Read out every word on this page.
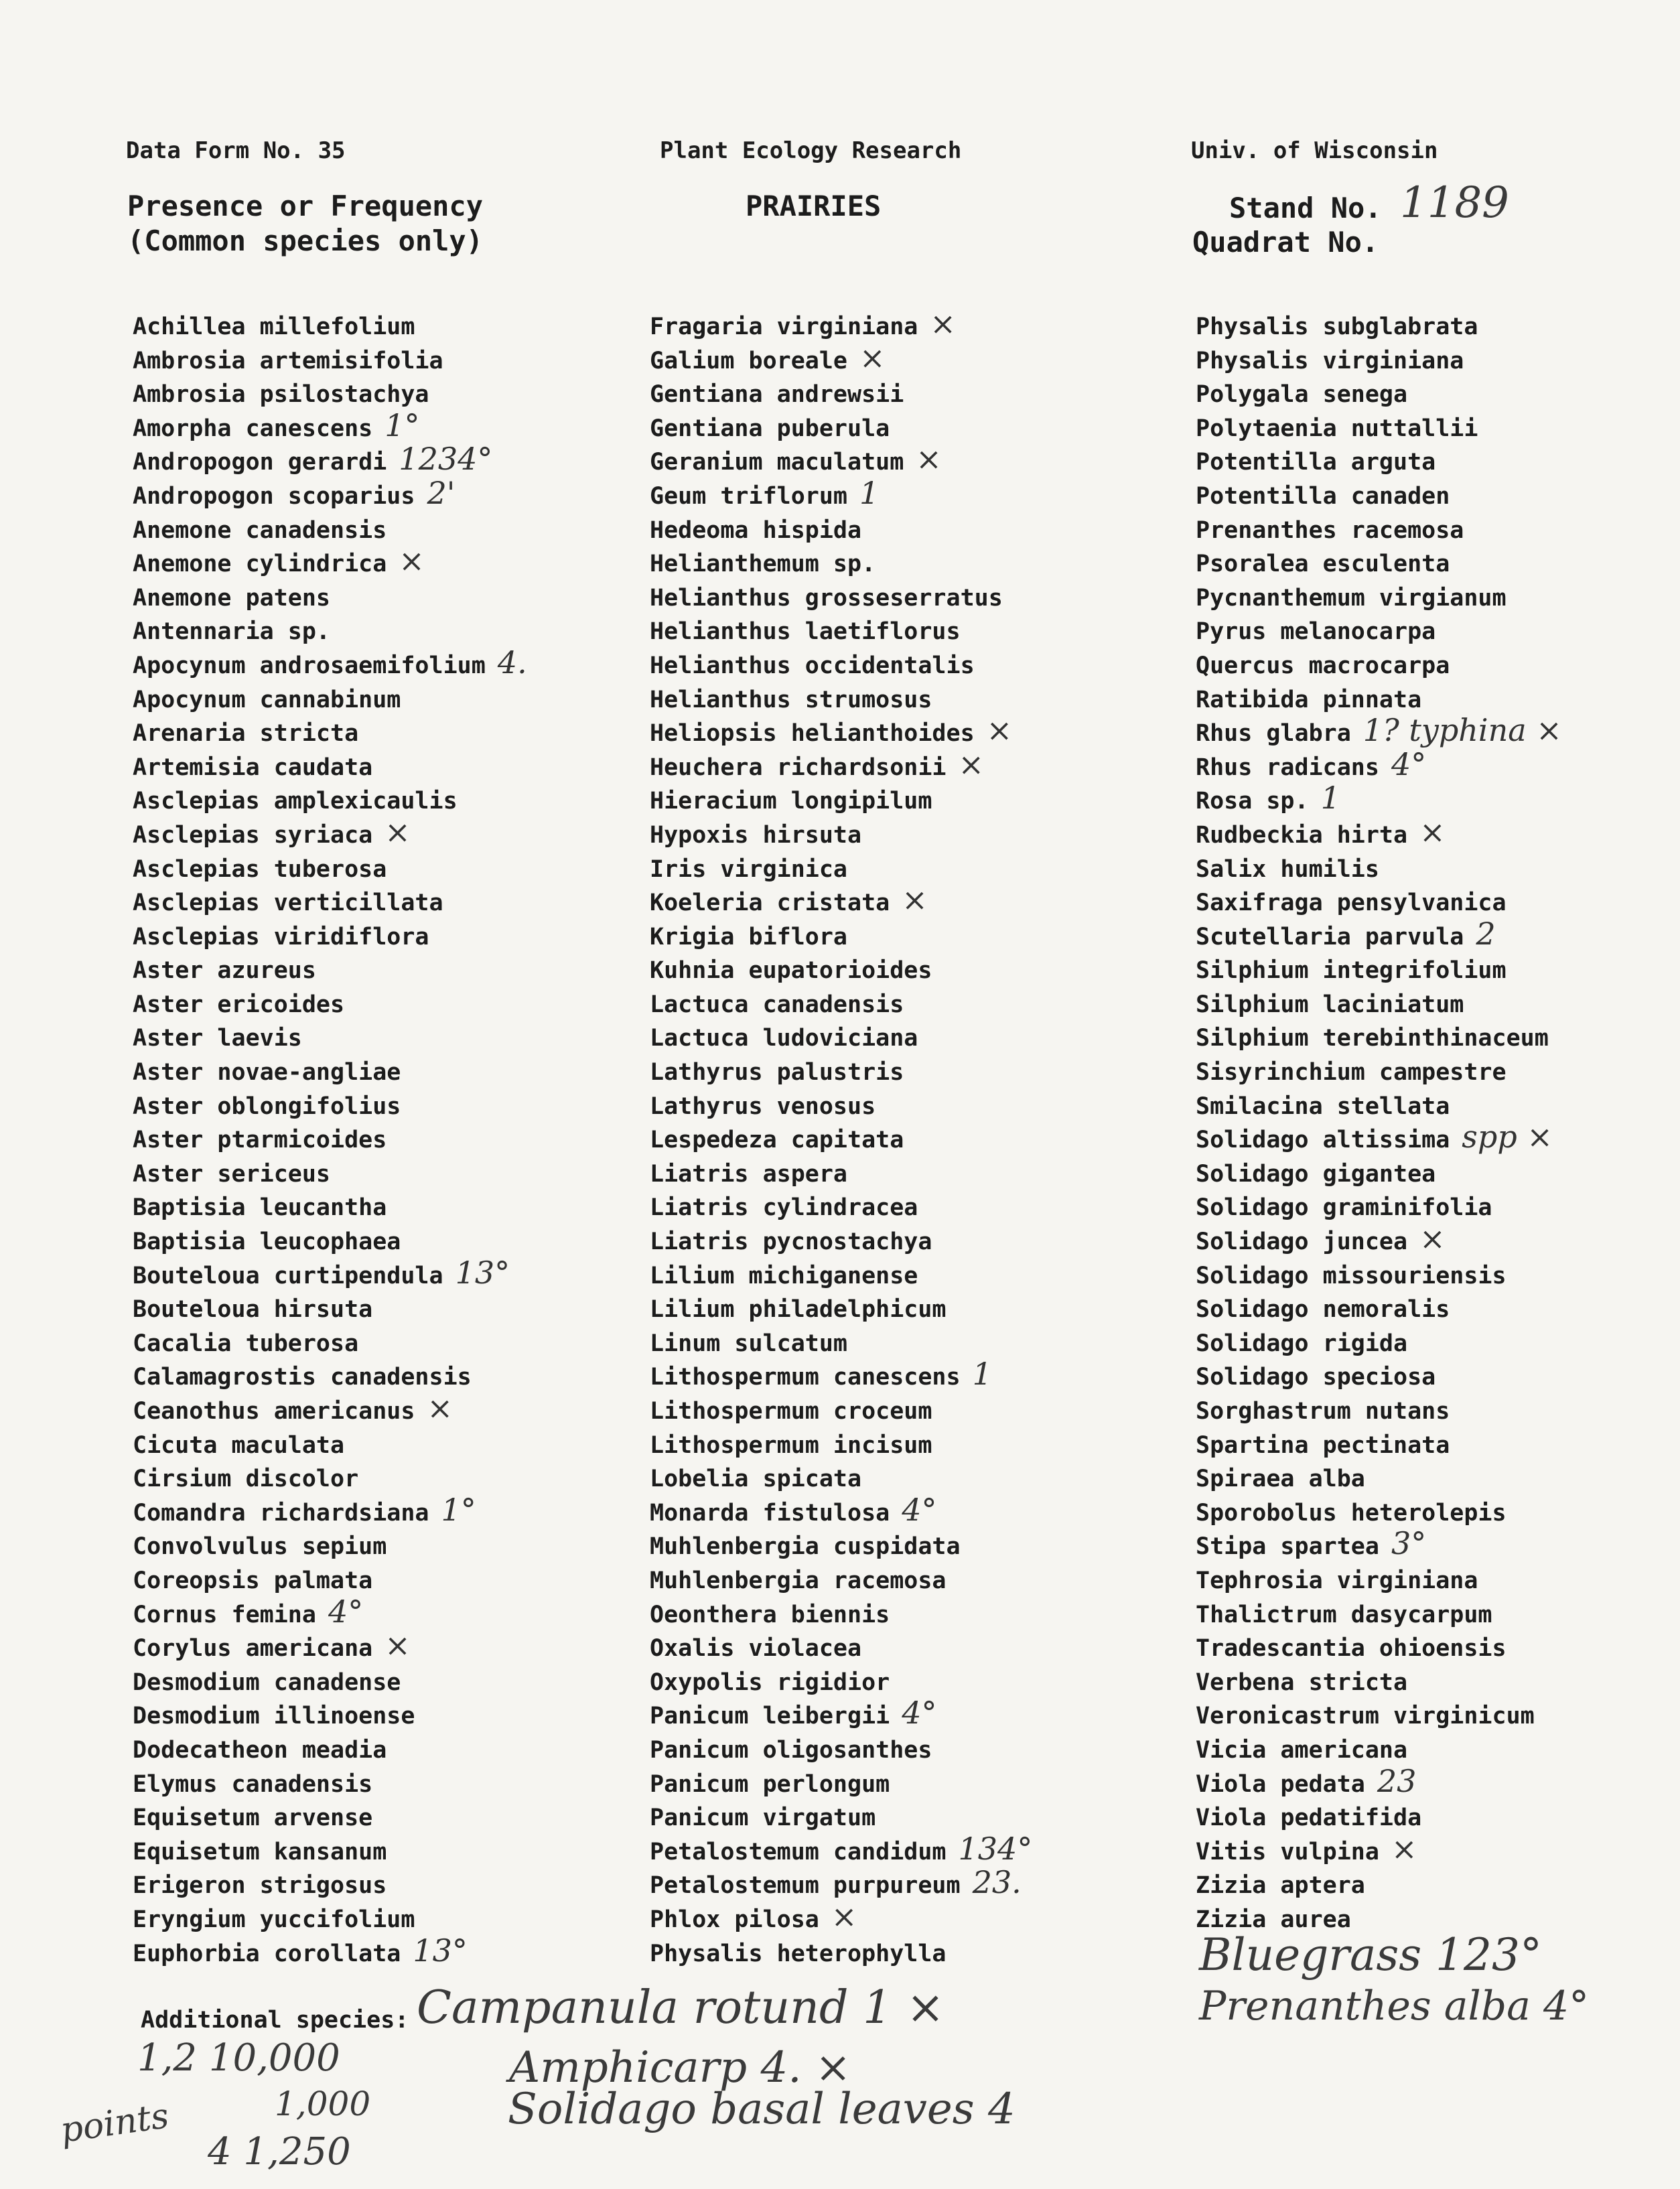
Data Form No. 35	Plant Ecology Research	Univ. of Wisconsin
Presence or Frequency
(Common species only)
PRAIRIES	Stand No. 1189
Quadrat No.
Achillea millefolium
Ambrosia artemisifolia
Ambrosia psilostachya
Amorpha canescens 1°
Andropogon gerardi 1234°
Andropogon scoparius 2'
Anemone canadensis
Anemone cylindrica ×
Anemone patens
Antennaria sp.
Apocynum androsaemifolium 4.
Apocynum cannabinum
Arenaria stricta
Artemisia caudata
Asclepias amplexicaulis
Asclepias syriaca ×
Asclepias tuberosa
Asclepias verticillata
Asclepias viridiflora
Aster azureus
Aster ericoides
Aster laevis
Aster novae-angliae
Aster oblongifolius
Aster ptarmicoides
Aster sericeus
Baptisia leucantha
Baptisia leucophaea
Bouteloua curtipendula 13°
Bouteloua hirsuta
Cacalia tuberosa
Calamagrostis canadensis
Ceanothus americanus ×
Cicuta maculata
Cirsium discolor
Comandra richardsiana 1°
Convolvulus sepium
Coreopsis palmata
Cornus femina 4°
Corylus americana ×
Desmodium canadense
Desmodium illinoense
Dodecatheon meadia
Elymus canadensis
Equisetum arvense
Equisetum kansanum
Erigeron strigosus
Eryngium yuccifolium
Euphorbia corollata 13°
Fragaria virginiana ×
Galium boreale ×
Gentiana andrewsii
Gentiana puberula
Geranium maculatum ×
Geum triflorum 1
Hedeoma hispida
Helianthemum sp.
Helianthus grosseserratus
Helianthus laetiflorus
Helianthus occidentalis
Helianthus strumosus
Heliopsis helianthoides ×
Heuchera richardsonii ×
Hieracium longipilum
Hypoxis hirsuta
Iris virginica
Koeleria cristata ×
Krigia biflora
Kuhnia eupatorioides
Lactuca canadensis
Lactuca ludoviciana
Lathyrus palustris
Lathyrus venosus
Lespedeza capitata
Liatris aspera
Liatris cylindracea
Liatris pycnostachya
Lilium michiganense
Lilium philadelphicum
Linum sulcatum
Lithospermum canescens 1
Lithospermum croceum
Lithospermum incisum
Lobelia spicata
Monarda fistulosa 4°
Muhlenbergia cuspidata
Muhlenbergia racemosa
Oeonthera biennis
Oxalis violacea
Oxypolis rigidior
Panicum leibergii 4°
Panicum oligosanthes
Panicum perlongum
Panicum virgatum
Petalostemum candidum 134°
Petalostemum purpureum 23.
Phlox pilosa ×
Physalis heterophylla
Physalis subglabrata
Physalis virginiana
Polygala senega
Polytaenia nuttallii
Potentilla arguta
Potentilla canaden
Prenanthes racemosa
Psoralea esculenta
Pycnanthemum virgianum
Pyrus melanocarpa
Quercus macrocarpa
Ratibida pinnata
Rhus glabra 1? typhina ×
Rhus radicans 4°
Rosa sp. 1
Rudbeckia hirta ×
Salix humilis
Saxifraga pensylvanica
Scutellaria parvula 2
Silphium integrifolium
Silphium laciniatum
Silphium terebinthinaceum
Sisyrinchium campestre
Smilacina stellata
Solidago altissima spp ×
Solidago gigantea
Solidago graminifolia
Solidago juncea ×
Solidago missouriensis
Solidago nemoralis
Solidago rigida
Solidago speciosa
Sorghastrum nutans
Spartina pectinata
Spiraea alba
Sporobolus heterolepis
Stipa spartea 3°
Tephrosia virginiana
Thalictrum dasycarpum
Tradescantia ohioensis
Verbena stricta
Veronicastrum virginicum
Vicia americana
Viola pedata 23
Viola pedatifida
Vitis vulpina ×
Zizia aptera
Zizia aurea
Additional species: Campanula rotund 1 ×
Amphicarp 4. ×
Solidago basal leaves 4
Bluegrass 123°
Prenanthes alba 4°
1,2 10,000
1,000
points
4 1,250
